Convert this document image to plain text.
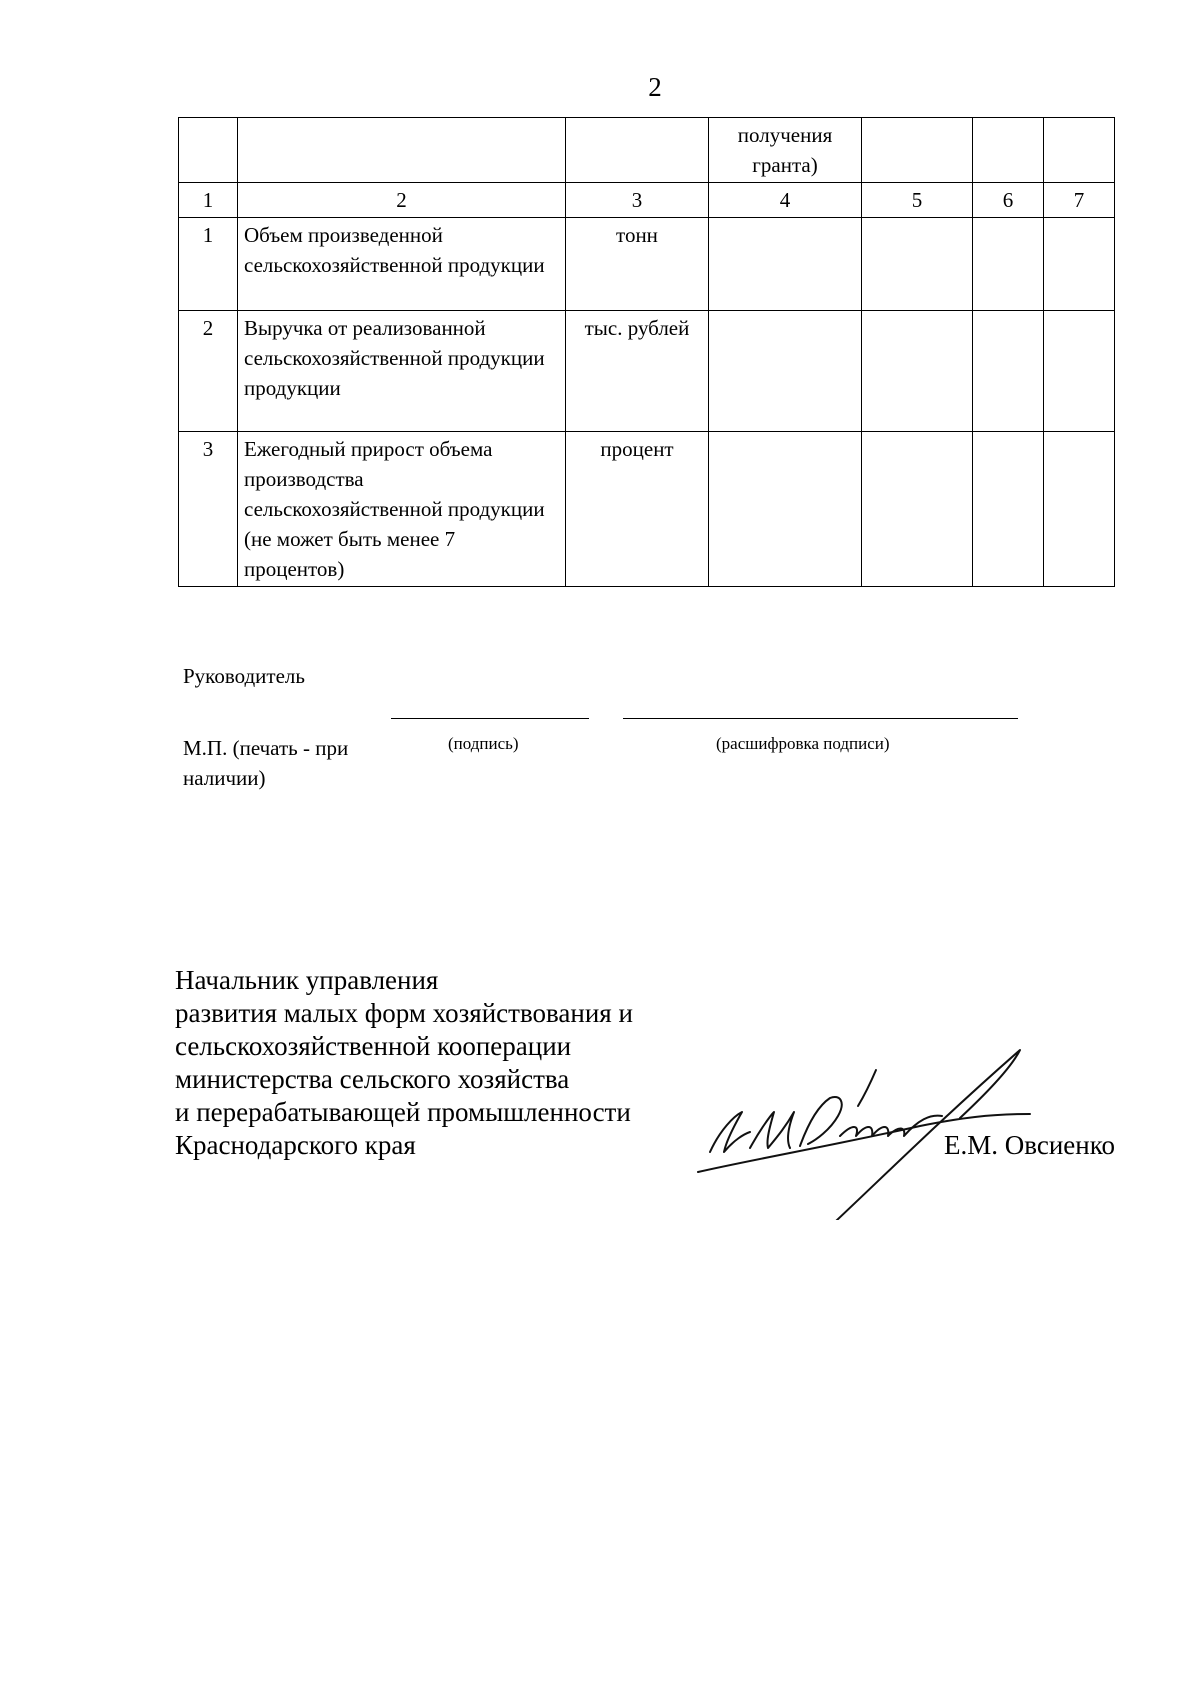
2
			получения гранта)			
1	2	3	4	5	6	7
1	Объем произведенной сельскохозяйственной продукции	тонн				
2	Выручка от реализованной сельскохозяйственной продукции продукции	тыс. рублей				
3	Ежегодный прирост объема производства сельскохозяйственной продукции (не может быть менее 7 процентов)	процент				
Руководитель
М.П. (печать - при наличии)
(подпись)	(расшифровка подписи)
Начальник управления
развития малых форм хозяйствования и
сельскохозяйственной кооперации
министерства сельского хозяйства
и перерабатывающей промышленности
Краснодарского края	Е.М. Овсиенко
